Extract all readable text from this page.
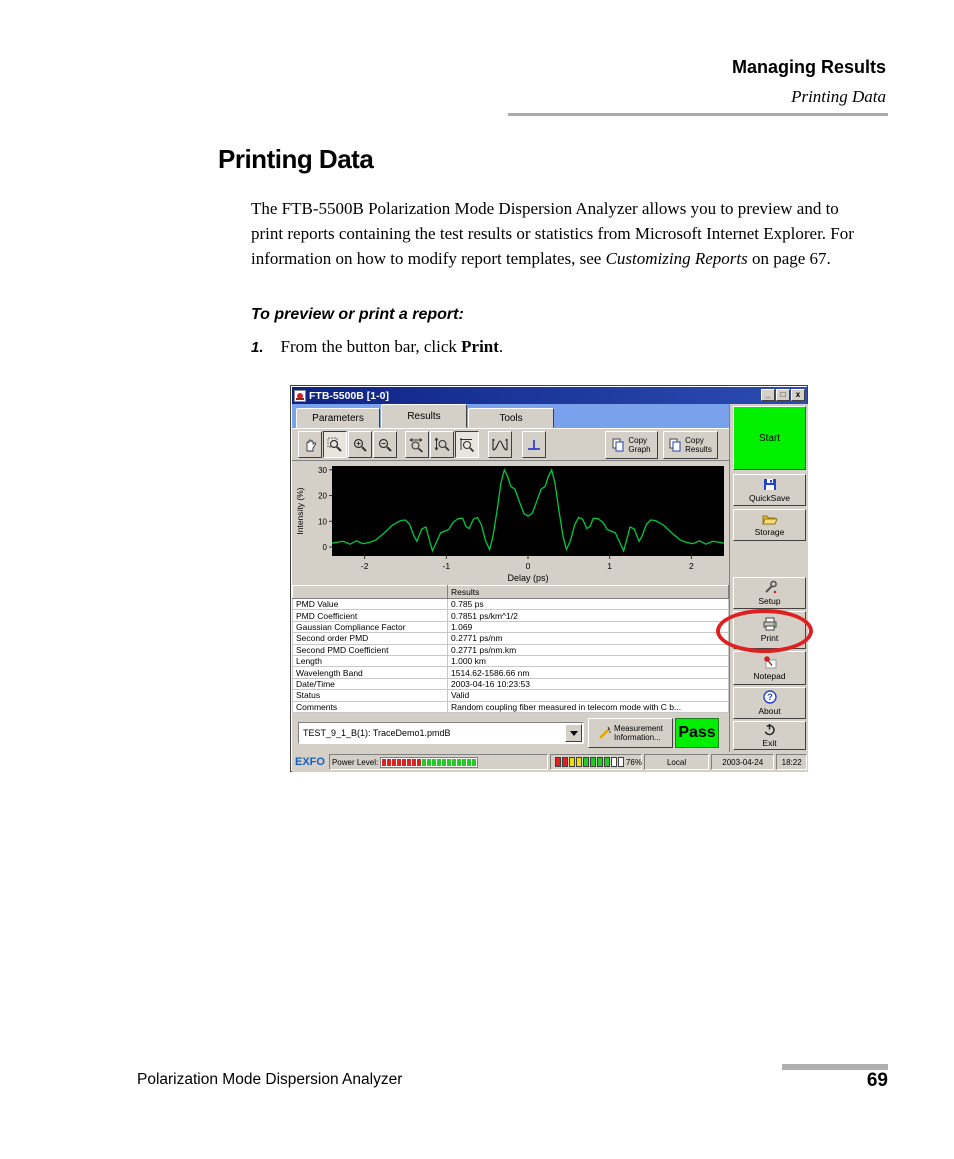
Managing Results
Printing Data
Printing Data

The FTB-5500B Polarization Mode Dispersion Analyzer allows you to preview and to print reports containing the test results or statistics from Microsoft Internet Explorer. For information on how to modify report templates, see Customizing Reports on page 67.

To preview or print a report:
1. From the button bar, click Print.
FTB-5500B [1-0]	_	□	x
Parameters	Results	Tools
Copy
Graph
Copy
Results
0
10
20
30
-2	-1	0	1	2
Delay (ps)
Intensity (%)
	Results
PMD Value	0.785 ps
PMD Coefficient	0.7851 ps/km^1/2
Gaussian Compliance Factor	1.069
Second order PMD	0.2771 ps/nm
Second PMD Coefficient	0.2771 ps/nm.km
Length	1.000 km
Wavelength Band	1514.62-1586.66 nm
Date/Time	2003-04-16 10:23:53
Status	Valid
Comments	Random coupling fiber measured in telecom mode with C b...
TEST_9_1_B(1): TraceDemo1.pmdB	Measurement
Information... Pass
Start
QuickSave
Storage
Setup
Print
Notepad
?
About
Exit
EXFO Power Level:	76%	Local	2003-04-24	18:22
Polarization Mode Dispersion Analyzer	69
